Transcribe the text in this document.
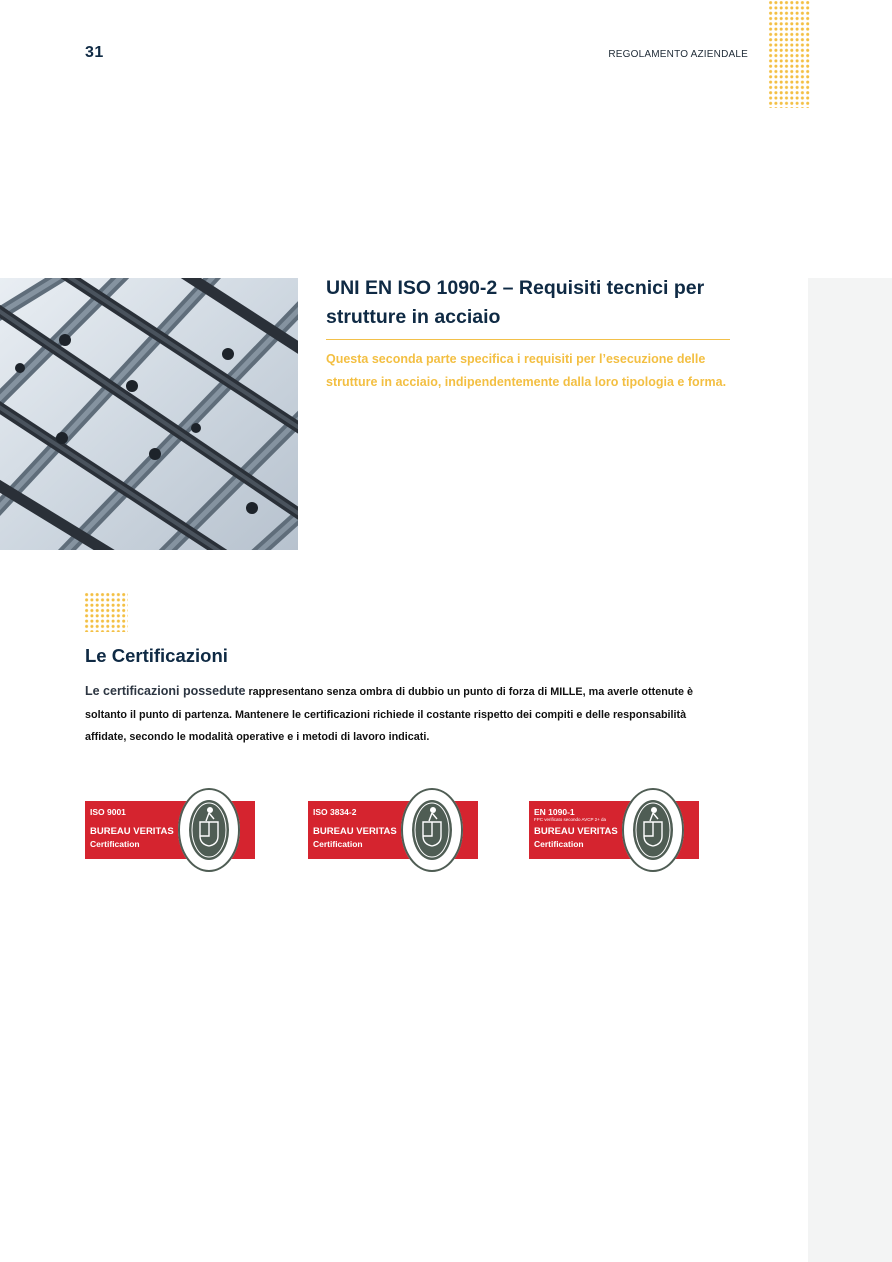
31	REGOLAMENTO AZIENDALE
UNI EN ISO 1090-2 – Requisiti tecnici per strutture in acciaio

Questa seconda parte specifica i requisiti per l’esecuzione delle strutture in acciaio, indipendentemente dalla loro tipologia e forma.

Le Certificazioni

Le certificazioni possedute rappresentano senza ombra di dubbio un punto di forza di MILLE, ma averle ottenute è soltanto il punto di partenza. Mantenere le certificazioni richiede il costante rispetto dei compiti e delle responsabilità affidate, secondo le modalità operative e i metodi di lavoro indicati.

ISO 9001
BUREAU VERITAS
Certification
ISO 3834-2
BUREAU VERITAS
Certification
EN 1090-1
FPC verificato secondo AVCP 2+ da
BUREAU VERITAS
Certification
